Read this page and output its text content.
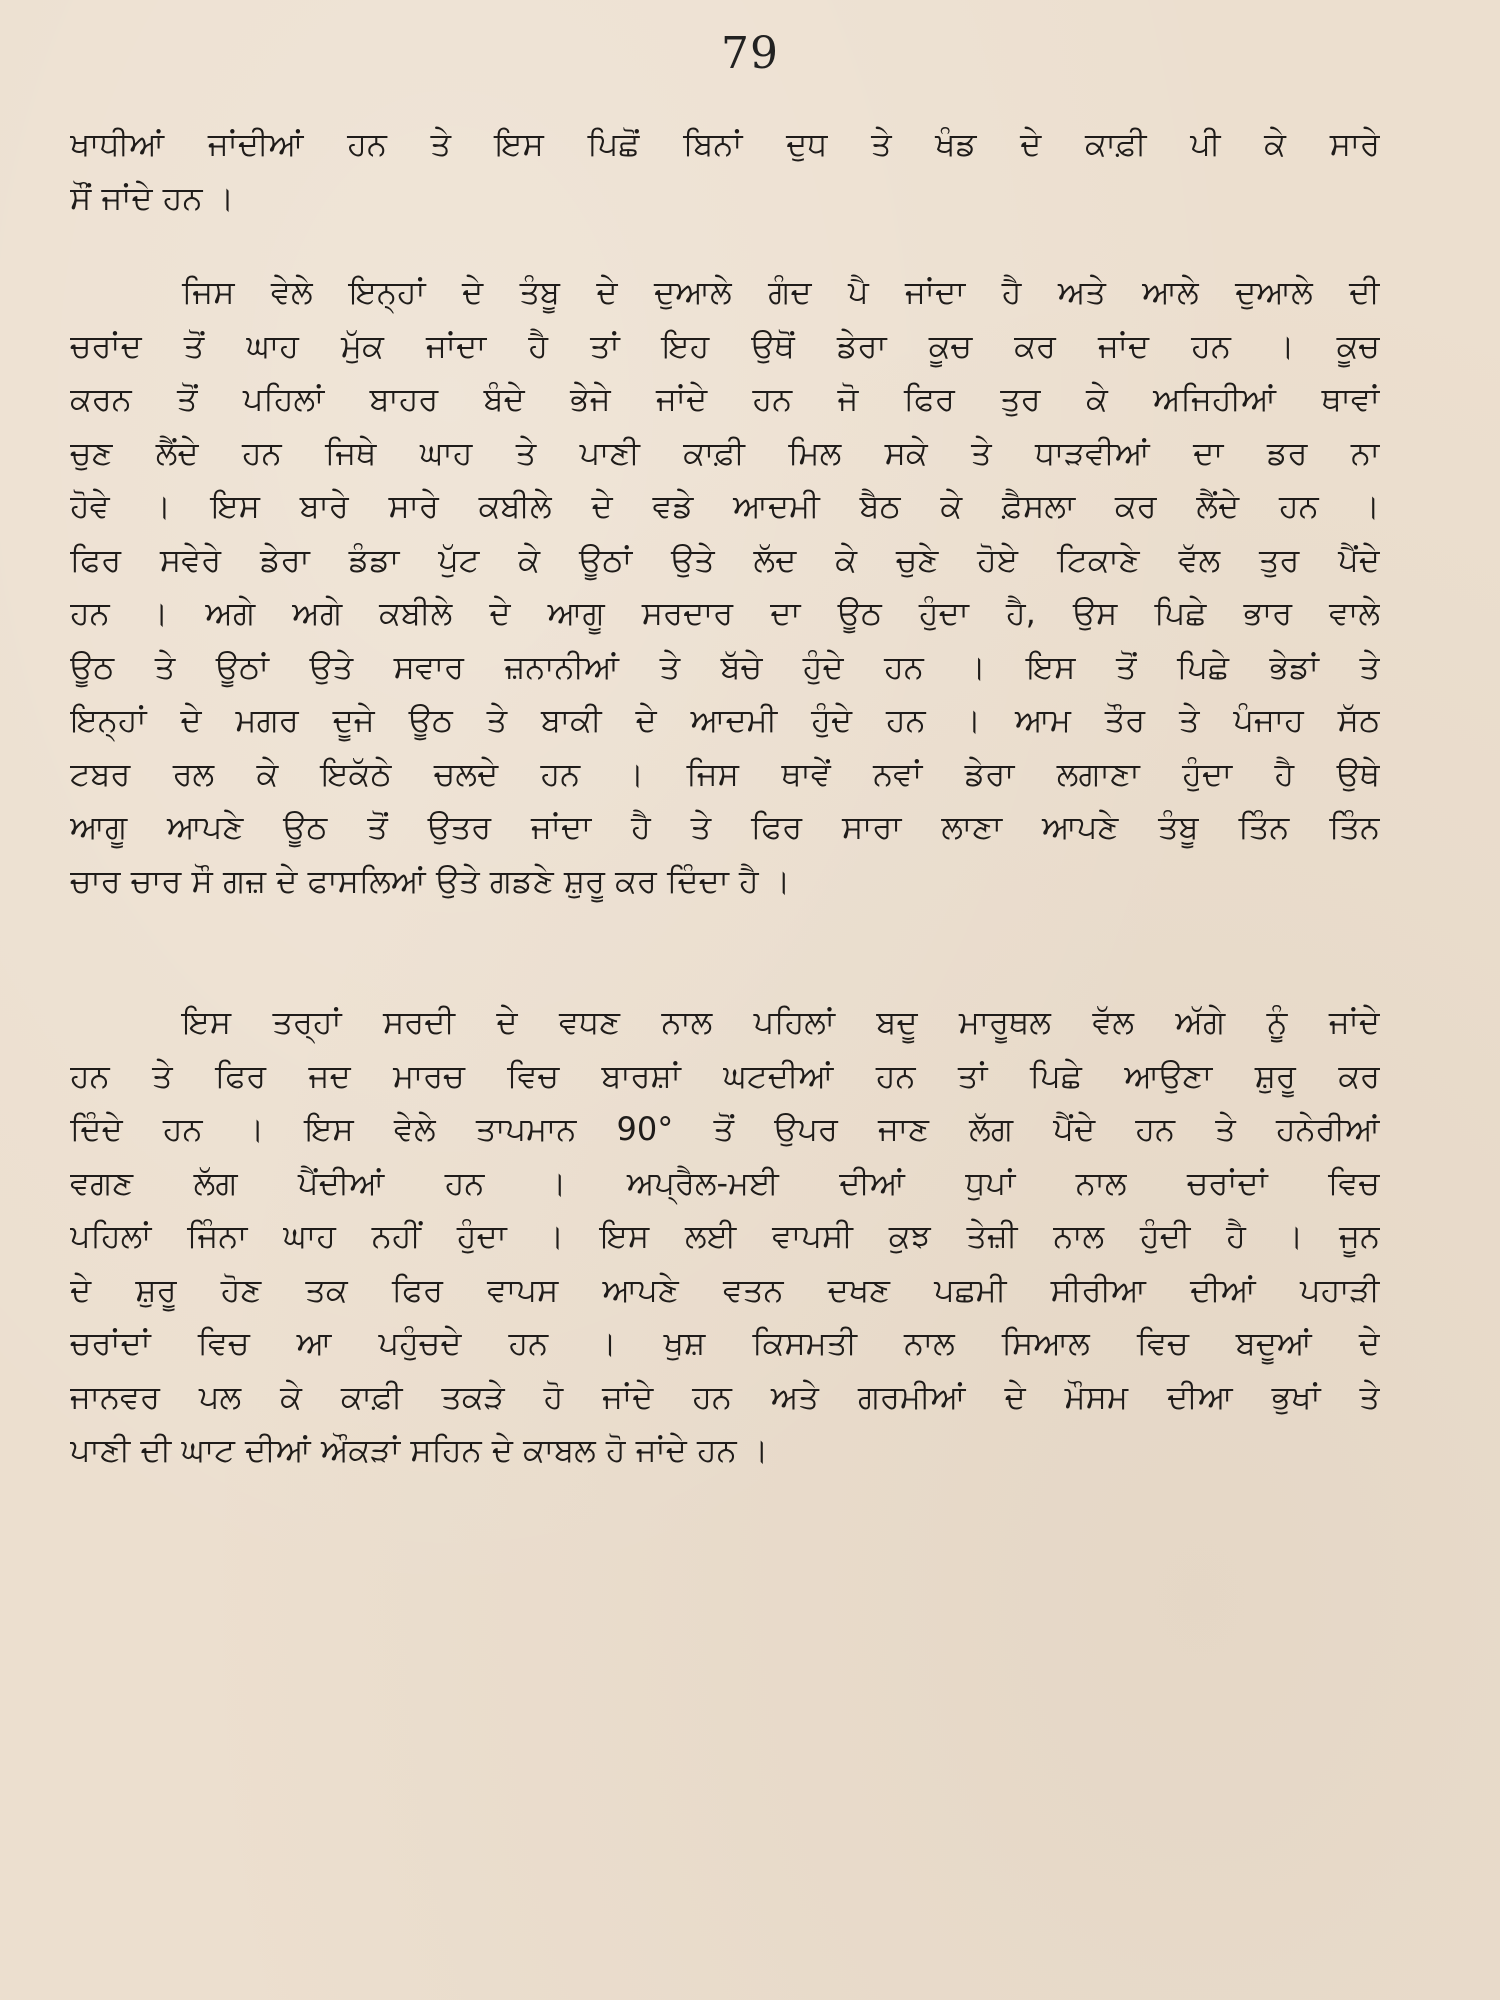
79
ਖਾਧੀਆਂ ਜਾਂਦੀਆਂ ਹਨ ਤੇ ਇਸ ਪਿਛੋਂ ਬਿਨਾਂ ਦੁਧ ਤੇ ਖੰਡ ਦੇ ਕਾਫ਼ੀ ਪੀ ਕੇ ਸਾਰੇ
ਸੌਂ ਜਾਂਦੇ ਹਨ ।
ਜਿਸ ਵੇਲੇ ਇਨ੍ਹਾਂ ਦੇ ਤੰਬੂ ਦੇ ਦੁਆਲੇ ਗੰਦ ਪੈ ਜਾਂਦਾ ਹੈ ਅਤੇ ਆਲੇ ਦੁਆਲੇ ਦੀ
ਚਰਾਂਦ ਤੋਂ ਘਾਹ ਮੁੱਕ ਜਾਂਦਾ ਹੈ ਤਾਂ ਇਹ ਉਥੋਂ ਡੇਰਾ ਕੂਚ ਕਰ ਜਾਂਦ ਹਨ । ਕੂਚ
ਕਰਨ ਤੋਂ ਪਹਿਲਾਂ ਬਾਹਰ ਬੰਦੇ ਭੇਜੇ ਜਾਂਦੇ ਹਨ ਜੋ ਫਿਰ ਤੁਰ ਕੇ ਅਜਿਹੀਆਂ ਥਾਵਾਂ
ਚੁਣ ਲੈਂਦੇ ਹਨ ਜਿਥੇ ਘਾਹ ਤੇ ਪਾਣੀ ਕਾਫ਼ੀ ਮਿਲ ਸਕੇ ਤੇ ਧਾੜਵੀਆਂ ਦਾ ਡਰ ਨਾ
ਹੋਵੇ । ਇਸ ਬਾਰੇ ਸਾਰੇ ਕਬੀਲੇ ਦੇ ਵਡੇ ਆਦਮੀ ਬੈਠ ਕੇ ਫ਼ੈਸਲਾ ਕਰ ਲੈਂਦੇ ਹਨ ।
ਫਿਰ ਸਵੇਰੇ ਡੇਰਾ ਡੰਡਾ ਪੁੱਟ ਕੇ ਊਠਾਂ ਉਤੇ ਲੱਦ ਕੇ ਚੁਣੇ ਹੋਏ ਟਿਕਾਣੇ ਵੱਲ ਤੁਰ ਪੈਂਦੇ
ਹਨ । ਅਗੇ ਅਗੇ ਕਬੀਲੇ ਦੇ ਆਗੂ ਸਰਦਾਰ ਦਾ ਊਠ ਹੁੰਦਾ ਹੈ, ਉਸ ਪਿਛੇ ਭਾਰ ਵਾਲੇ
ਊਠ ਤੇ ਊਠਾਂ ਉਤੇ ਸਵਾਰ ਜ਼ਨਾਨੀਆਂ ਤੇ ਬੱਚੇ ਹੁੰਦੇ ਹਨ । ਇਸ ਤੋਂ ਪਿਛੇ ਭੇਡਾਂ ਤੇ
ਇਨ੍ਹਾਂ ਦੇ ਮਗਰ ਦੂਜੇ ਊਠ ਤੇ ਬਾਕੀ ਦੇ ਆਦਮੀ ਹੁੰਦੇ ਹਨ । ਆਮ ਤੌਰ ਤੇ ਪੰਜਾਹ ਸੱਠ
ਟਬਰ ਰਲ ਕੇ ਇਕੱਠੇ ਚਲਦੇ ਹਨ । ਜਿਸ ਥਾਵੇਂ ਨਵਾਂ ਡੇਰਾ ਲਗਾਣਾ ਹੁੰਦਾ ਹੈ ਉਥੇ
ਆਗੂ ਆਪਣੇ ਊਠ ਤੋਂ ਉਤਰ ਜਾਂਦਾ ਹੈ ਤੇ ਫਿਰ ਸਾਰਾ ਲਾਣਾ ਆਪਣੇ ਤੰਬੂ ਤਿੰਨ ਤਿੰਨ
ਚਾਰ ਚਾਰ ਸੌ ਗਜ਼ ਦੇ ਫਾਸਲਿਆਂ ਉਤੇ ਗਡਣੇ ਸ਼ੁਰੂ ਕਰ ਦਿੰਦਾ ਹੈ ।
ਇਸ ਤਰ੍ਹਾਂ ਸਰਦੀ ਦੇ ਵਧਣ ਨਾਲ ਪਹਿਲਾਂ ਬਦੂ ਮਾਰੂਥਲ ਵੱਲ ਅੱਗੇ ਨੂੰ ਜਾਂਦੇ
ਹਨ ਤੇ ਫਿਰ ਜਦ ਮਾਰਚ ਵਿਚ ਬਾਰਸ਼ਾਂ ਘਟਦੀਆਂ ਹਨ ਤਾਂ ਪਿਛੇ ਆਉਣਾ ਸ਼ੁਰੂ ਕਰ
ਦਿੰਦੇ ਹਨ । ਇਸ ਵੇਲੇ ਤਾਪਮਾਨ 90° ਤੋਂ ਉਪਰ ਜਾਣ ਲੱਗ ਪੈਂਦੇ ਹਨ ਤੇ ਹਨੇਰੀਆਂ
ਵਗਣ ਲੱਗ ਪੈਂਦੀਆਂ ਹਨ । ਅਪ੍ਰੈਲ-ਮਈ ਦੀਆਂ ਧੁਪਾਂ ਨਾਲ ਚਰਾਂਦਾਂ ਵਿਚ
ਪਹਿਲਾਂ ਜਿੰਨਾ ਘਾਹ ਨਹੀਂ ਹੁੰਦਾ । ਇਸ ਲਈ ਵਾਪਸੀ ਕੁਝ ਤੇਜ਼ੀ ਨਾਲ ਹੁੰਦੀ ਹੈ । ਜੂਨ
ਦੇ ਸ਼ੁਰੂ ਹੋਣ ਤਕ ਫਿਰ ਵਾਪਸ ਆਪਣੇ ਵਤਨ ਦਖਣ ਪਛਮੀ ਸੀਰੀਆ ਦੀਆਂ ਪਹਾੜੀ
ਚਰਾਂਦਾਂ ਵਿਚ ਆ ਪਹੁੰਚਦੇ ਹਨ । ਖੁਸ਼ ਕਿਸਮਤੀ ਨਾਲ ਸਿਆਲ ਵਿਚ ਬਦੂਆਂ ਦੇ
ਜਾਨਵਰ ਪਲ ਕੇ ਕਾਫ਼ੀ ਤਕੜੇ ਹੋ ਜਾਂਦੇ ਹਨ ਅਤੇ ਗਰਮੀਆਂ ਦੇ ਮੌਸਮ ਦੀਆ ਭੁਖਾਂ ਤੇ
ਪਾਣੀ ਦੀ ਘਾਟ ਦੀਆਂ ਔਕੜਾਂ ਸਹਿਨ ਦੇ ਕਾਬਲ ਹੋ ਜਾਂਦੇ ਹਨ ।
